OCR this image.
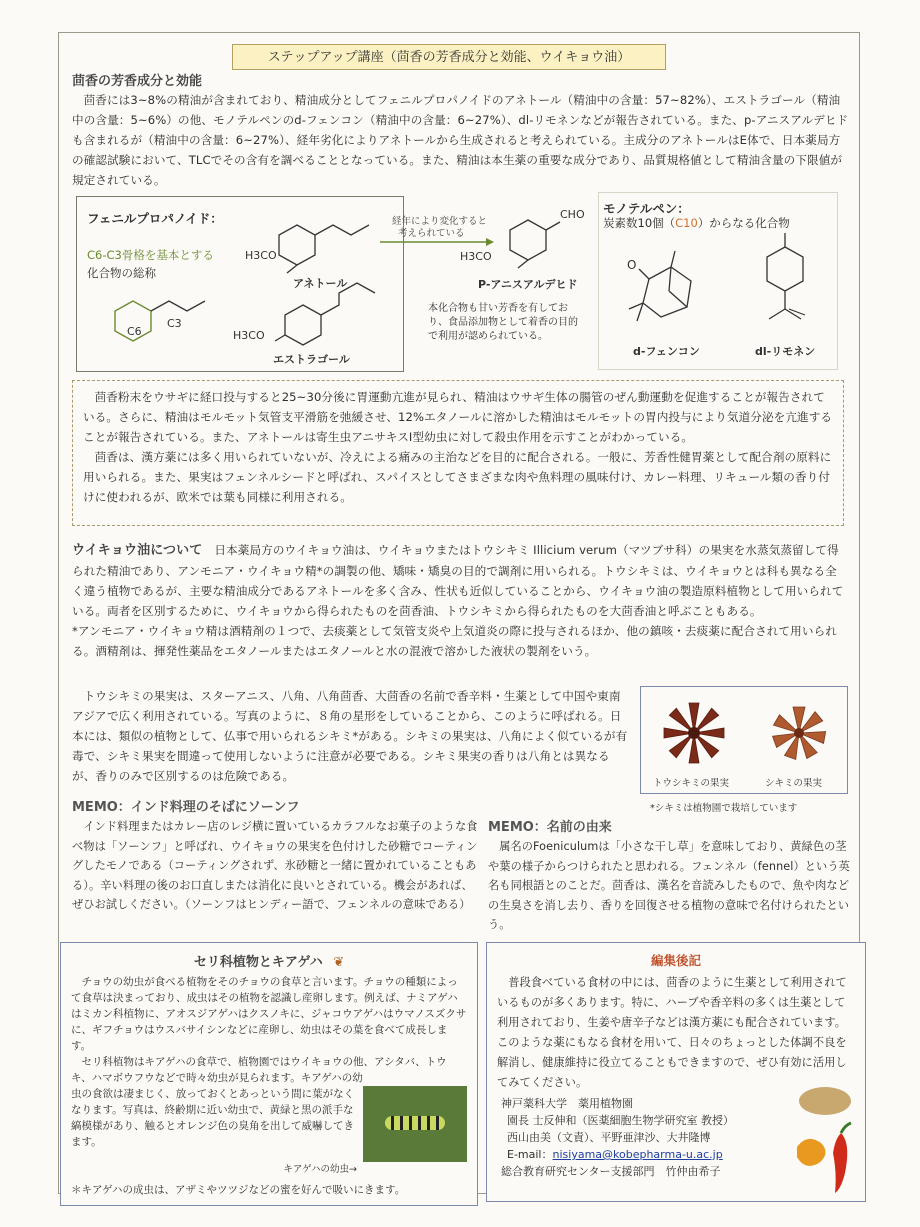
ステップアップ講座（茴香の芳香成分と効能、ウイキョウ油）
茴香の芳香成分と効能

茴香には3~8%の精油が含まれており、精油成分としてフェニルプロパノイドのアネトール（精油中の含量：57~82%）、エストラゴール（精油中の含量：5~6%）の他、モノテルペンのd-フェンコン（精油中の含量：6~27%）、dl-リモネンなどが報告されている。また、p-アニスアルデヒドも含まれるが（精油中の含量：6~27%）、経年劣化によりアネトールから生成されると考えられている。主成分のアネトールはE体で、日本薬局方の確認試験において、TLCでその含有を調べることとなっている。また、精油は本生薬の重要な成分であり、品質規格値として精油含量の下限値が規定されている。

フェニルプロパノイド：
C6-C3骨格を基本とする
化合物の総称
C6
C3
H3CO
アネトール
H3CO
エストラゴール
経年により変化すると
考えられている
CHO
H3CO
P-アニスアルデヒド
本化合物も甘い芳香を有しており、食品添加物として着香の目的で利用が認められている。
モノテルペン：
炭素数10個（C10）からなる化合物
O
d-フェンコン	dl-リモネン

茴香粉末をウサギに経口投与すると25~30分後に胃運動亢進が見られ、精油はウサギ生体の腸管のぜん動運動を促進することが報告されている。さらに、精油はモルモット気管支平滑筋を弛緩させ、12%エタノールに溶かした精油はモルモットの胃内投与により気道分泌を亢進することが報告されている。また、アネトールは寄生虫アニサキスⅠ型幼虫に対して殺虫作用を示すことがわかっている。

茴香は、漢方薬には多く用いられていないが、冷えによる痛みの主治などを目的に配合される。一般に、芳香性健胃薬として配合剤の原料に用いられる。また、果実はフェンネルシードと呼ばれ、スパイスとしてさまざまな肉や魚料理の風味付け、カレー料理、リキュール類の香り付けに使われるが、欧米では葉も同様に利用される。

ウイキョウ油について 日本薬局方のウイキョウ油は、ウイキョウまたはトウシキミ Illicium verum（マツブサ科）の果実を水蒸気蒸留して得られた精油であり、アンモニア・ウイキョウ精*の調製の他、矯味・矯臭の目的で調剤に用いられる。トウシキミは、ウイキョウとは科も異なる全く違う植物であるが、主要な精油成分であるアネトールを多く含み、性状も近似していることから、ウイキョウ油の製造原料植物として用いられている。両者を区別するために、ウイキョウから得られたものを茴香油、トウシキミから得られたものを大茴香油と呼ぶこともある。

*アンモニア・ウイキョウ精は酒精剤の１つで、去痰薬として気管支炎や上気道炎の際に投与されるほか、他の鎮咳・去痰薬に配合されて用いられる。酒精剤は、揮発性薬品をエタノールまたはエタノールと水の混液で溶かした液状の製剤をいう。

トウシキミの果実は、スターアニス、八角、八角茴香、大茴香の名前で香辛料・生薬として中国や東南アジアで広く利用されている。写真のように、８角の星形をしていることから、このように呼ばれる。日本には、類似の植物として、仏事で用いられるシキミ*がある。シキミの果実は、八角によく似ているが有毒で、シキミ果実を間違って使用しないように注意が必要である。シキミ果実の香りは八角とは異なるが、香りのみで区別するのは危険である。

トウシキミの果実	シキミの果実
*シキミは植物園で栽培しています
MEMO：インド料理のそばにソーンフ

インド料理またはカレー店のレジ横に置いているカラフルなお菓子のような食べ物は「ソーンフ」と呼ばれ、ウイキョウの果実を色付けした砂糖でコーティングしたモノである（コーティングされず、氷砂糖と一緒に置かれていることもある）。辛い料理の後のお口直しまたは消化に良いとされている。機会があれば、ぜひお試しください。（ソーンフはヒンディー語で、フェンネルの意味である）

MEMO：名前の由来

属名のFoeniculumは「小さな干し草」を意味しており、黄緑色の茎や葉の様子からつけられたと思われる。フェンネル（fennel）という英名も同根語とのことだ。茴香は、漢名を音読みしたもので、魚や肉などの生臭さを消し去り、香りを回復させる植物の意味で名付けられたという。

セリ科植物とキアゲハ ❦

チョウの幼虫が食べる植物をそのチョウの食草と言います。チョウの種類によって食草は決まっており、成虫はその植物を認識し産卵します。例えば、ナミアゲハはミカン科植物に、アオスジアゲハはクスノキに、ジャコウアゲハはウマノスズクサに、ギフチョウはウスバサイシンなどに産卵し、幼虫はその葉を食べて成長します。

セリ科植物はキアゲハの食草で、植物園ではウイキョウの他、アシタバ、トウキ、ハマボウフウなどで時々幼虫が見られます。キアゲハの幼

虫の食欲は凄まじく、放っておくとあっという間に葉がなくなります。写真は、終齢期に近い幼虫で、黄緑と黒の派手な縞模様があり、触るとオレンジ色の臭角を出して威嚇してきます。

キアゲハの幼虫→
＊キアゲハの成虫は、アザミやツツジなどの蜜を好んで吸いにきます。
編集後記

普段食べている食材の中には、茴香のように生薬として利用されているものが多くあります。特に、ハーブや香辛料の多くは生薬として利用されており、生姜や唐辛子などは漢方薬にも配合されています。このような薬にもなる食材を用いて、日々のちょっとした体調不良を解消し、健康維持に役立てることもできますので、ぜひ有効に活用してみてください。

神戸薬科大学　薬用植物園
園長 士反伸和（医薬細胞生物学研究室 教授）
西山由美（文責）、平野亜津沙、大井隆博
E-mail：nisiyama@kobepharma-u.ac.jp
総合教育研究センター支援部門　竹仲由希子
